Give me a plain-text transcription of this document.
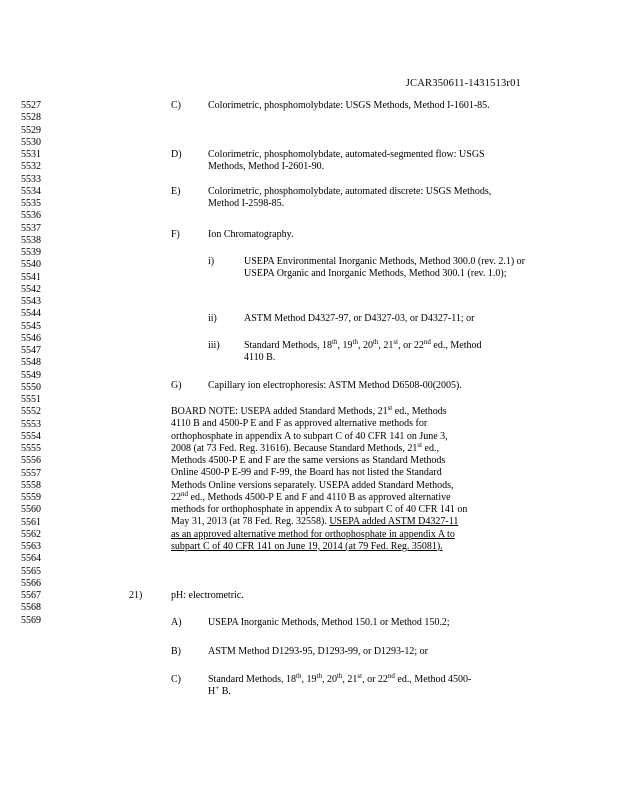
JCAR350611-1431513r01
5527
5528
5529
5530
5531
5532
5533
5534
5535
5536
5537
5538
5539
5540
5541
5542
5543
5544
5545
5546
5547
5548
5549
5550
5551
5552
5553
5554
5555
5556
5557
5558
5559
5560
5561
5562
5563
5564
5565
5566
5567
5568
5569
C)	Colorimetric, phosphomolybdate: USGS Methods, Method I-1601-85.
D)	Colorimetric, phosphomolybdate, automated-segmented flow: USGS Methods, Method I-2601-90.
E)	Colorimetric, phosphomolybdate, automated discrete: USGS Methods, Method I-2598-85.
F)	Ion Chromatography.
i)	USEPA Environmental Inorganic Methods, Method 300.0 (rev. 2.1) or USEPA Organic and Inorganic Methods, Method 300.1 (rev. 1.0);
ii)	ASTM Method D4327-97, or D4327-03, or D4327-11; or
iii) Standard Methods, 18th, 19th, 20th, 21st, or 22nd ed., Method
4110 B.
G)	Capillary ion electrophoresis: ASTM Method D6508-00(2005).
BOARD NOTE: USEPA added Standard Methods, 21st ed., Methods
4110 B and 4500-P E and F as approved alternative methods for
orthophosphate in appendix A to subpart C of 40 CFR 141 on June 3,
2008 (at 73 Fed. Reg. 31616). Because Standard Methods, 21st ed.,
Methods 4500-P E and F are the same versions as Standard Methods
Online 4500-P E-99 and F-99, the Board has not listed the Standard
Methods Online versions separately. USEPA added Standard Methods,
22nd ed., Methods 4500-P E and F and 4110 B as approved alternative
methods for orthophosphate in appendix A to subpart C of 40 CFR 141 on
May 31, 2013 (at 78 Fed. Reg. 32558). USEPA added ASTM D4327-11
as an approved alternative method for orthophosphate in appendix A to
subpart C of 40 CFR 141 on June 19, 2014 (at 79 Fed. Reg. 35081).
21)	pH: electrometric.
A)	USEPA Inorganic Methods, Method 150.1 or Method 150.2;
B)	ASTM Method D1293-95, D1293-99, or D1293-12; or
C)	Standard Methods, 18th, 19th, 20th, 21st, or 22nd ed., Method 4500-
H+ B.
